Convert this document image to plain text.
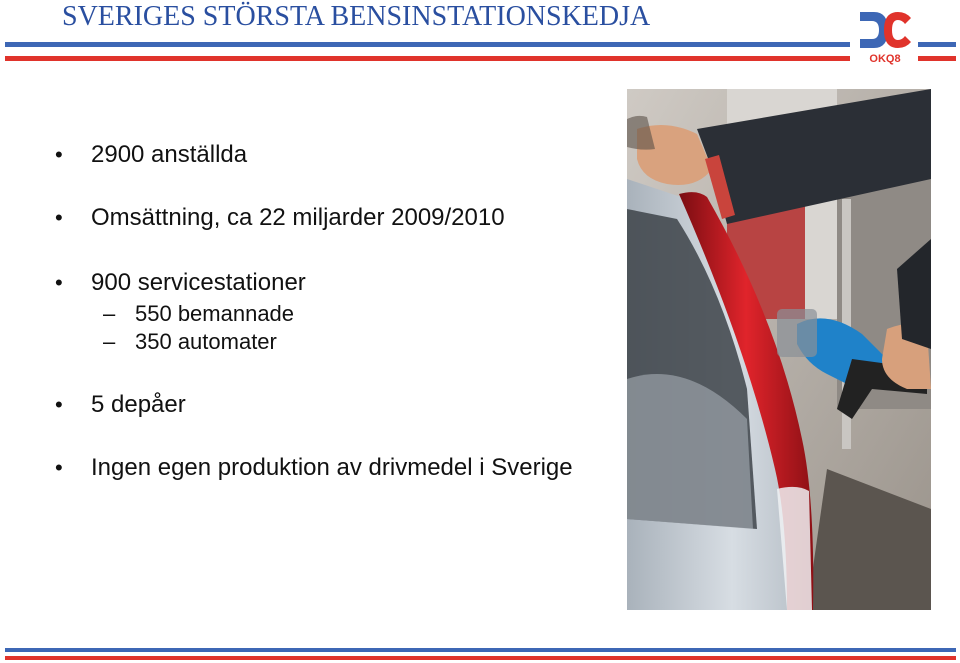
SVERIGES STÖRSTA BENSINSTATIONSKEDJA
OKQ8
• 2900 anställda
• Omsättning, ca 22 miljarder 2009/2010
• 900 servicestationer
– 550 bemannade
– 350 automater
• 5 depåer
• Ingen egen produktion av drivmedel i Sverige
